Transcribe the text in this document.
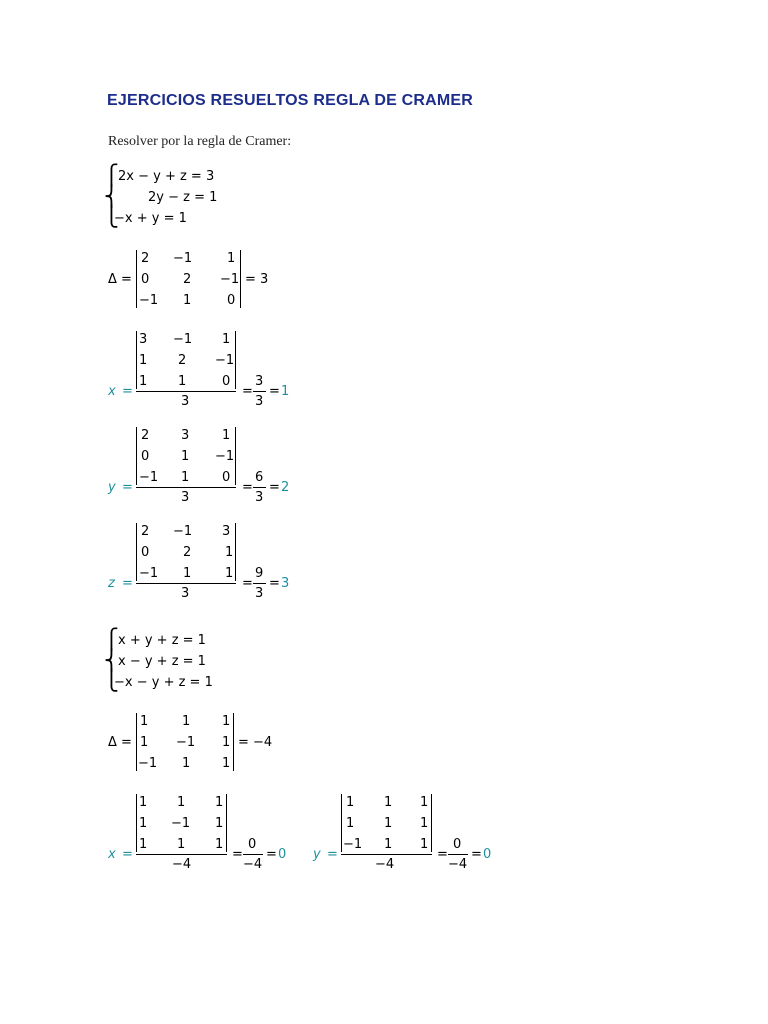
EJERCICIOS RESUELTOS REGLA DE CRAMER
Resolver por la regla de Cramer:
⎧
⎨
⎩
2x − y + z = 3
2y − z = 1
−x + y = 1
Δ =
2 −1	1
0	2 −1
−1 1	0
= 3
x =
3 −1 1
1 2 −1
1 1	0
3
=
3
3
= 1
y =
2 3	1
0 1 −1
−1 1	0
3
=
6
3
= 2
z =
2 −1 3
0	2	1
−1 1	1
3
=
9
3
= 3
⎧
⎨
⎩
x + y + z = 1
x − y + z = 1
−x − y + z = 1
Δ =
1	1 1
1 −1 1
−1 1 1
= −4
x =
1 1 1
1 −1 1
1 1 1
−4
=
0
−4
= 0 y =
1 1 1
1 1 1
−1 1 1
−4
=
0
−4
= 0
